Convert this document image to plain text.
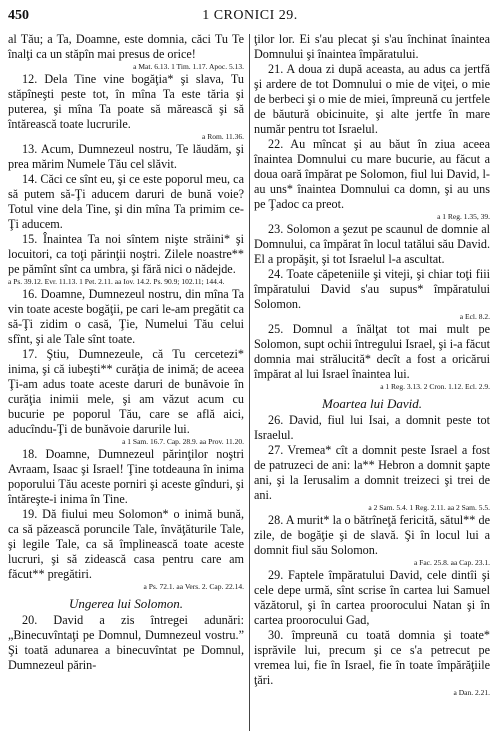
450	1 CRONICI 29.

al Tău; a Ta, Doamne, este domnia, căci Tu Te înalţi ca un stăpîn mai presus de orice!

a Mat. 6.13. 1 Tim. 1.17. Apoc. 5.13.

12. Dela Tine vine bogăţia* şi slava, Tu stăpîneşti peste tot, în mîna Ta este tăria şi puterea, şi mîna Ta poate să mărească şi să întărească toate lucrurile.

a Rom. 11.36.

13. Acum, Dumnezeul nostru, Te lăudăm, şi prea mărim Numele Tău cel slăvit.

14. Căci ce sînt eu, şi ce este poporul meu, ca să putem să-Ţi aducem daruri de bună voie? Totul vine dela Tine, şi din mîna Ta primim ce-Ţi aducem.

15. Înaintea Ta noi sîntem nişte străini* şi locuitori, ca toţi părinţii noştri. Zilele noastre** pe pămînt sînt ca umbra, şi fără nici o nădejde.

a Ps. 39.12. Evr. 11.13. 1 Pet. 2.11. aa Iov. 14.2. Ps. 90.9; 102.11; 144.4.

16. Doamne, Dumnezeul nostru, din mîna Ta vin toate aceste bogăţii, pe cari le-am pregătit ca să-Ţi zidim o casă, Ţie, Numelui Tău celui sfînt, şi ale Tale sînt toate.

17. Ştiu, Dumnezeule, că Tu cercetezi* inima, şi că iubeşti** curăţia de inimă; de aceea Ţi-am adus toate aceste daruri de bunăvoie în curăţia inimii mele, şi am văzut acum cu bucurie pe poporul Tău, care se află aici, aducîndu-Ţi de bunăvoie darurile lui.

a 1 Sam. 16.7. Cap. 28.9. aa Prov. 11.20.

18. Doamne, Dumnezeul părinţilor noştri Avraam, Isaac şi Israel! Ţine totdeauna în inima poporului Tău aceste porniri şi aceste gînduri, şi întăreşte-i inima în Tine.

19. Dă fiului meu Solomon* o inimă bună, ca să păzească poruncile Tale, învăţăturile Tale, şi legile Tale, ca să împlinească toate aceste lucruri, şi să zidească casa pentru care am făcut** pregătiri.

a Ps. 72.1. aa Vers. 2. Cap. 22.14.

Ungerea lui Solomon.

20. David a zis întregei adunări: „Binecuvîntaţi pe Domnul, Dumnezeul vostru.” Şi toată adunarea a binecuvîntat pe Domnul, Dumnezeul părin-

ţilor lor. Ei s'au plecat şi s'au închinat înaintea Domnului şi înaintea împăratului.

21. A doua zi după aceasta, au adus ca jertfă şi ardere de tot Domnului o mie de viţei, o mie de berbeci şi o mie de miei, împreună cu jertfele de băutură obicinuite, şi alte jertfe în mare număr pentru tot Israelul.

22. Au mîncat şi au băut în ziua aceea înaintea Domnului cu mare bucurie, au făcut a doua oară împărat pe Solomon, fiul lui David, l-au uns* înaintea Domnului ca domn, şi au uns pe Ţadoc ca preot.

a 1 Reg. 1.35, 39.

23. Solomon a şezut pe scaunul de domnie al Domnului, ca împărat în locul tatălui său David. El a propăşit, şi tot Israelul l-a ascultat.

24. Toate căpeteniile şi viteji, şi chiar toţi fiii împăratului David s'au supus* împăratului Solomon.

a Ecl. 8.2.

25. Domnul a înălţat tot mai mult pe Solomon, supt ochii întregului Israel, şi i-a făcut domnia mai strălucită* decît a fost a oricărui împărat al lui Israel înaintea lui.

a 1 Reg. 3.13. 2 Cron. 1.12. Ecl. 2.9.

Moartea lui David.

26. David, fiul lui Isai, a domnit peste tot Israelul.

27. Vremea* cît a domnit peste Israel a fost de patruzeci de ani: la** Hebron a domnit şapte ani, şi la Ierusalim a domnit treizeci şi trei de ani.

a 2 Sam. 5.4. 1 Reg. 2.11. aa 2 Sam. 5.5.

28. A murit* la o bătrîneţă fericită, sătul** de zile, de bogăţie şi de slavă. Şi în locul lui a domnit fiul său Solomon.

a Fac. 25.8. aa Cap. 23.1.

29. Faptele împăratului David, cele dintîi şi cele depe urmă, sînt scrise în cartea lui Samuel văzătorul, şi în cartea proorocului Natan şi în cartea proorocului Gad,

30. împreună cu toată domnia şi toate* isprăvile lui, precum şi ce s'a petrecut pe vremea lui, fie în Israel, fie în toate împărăţiile ţări.

a Dan. 2.21.
